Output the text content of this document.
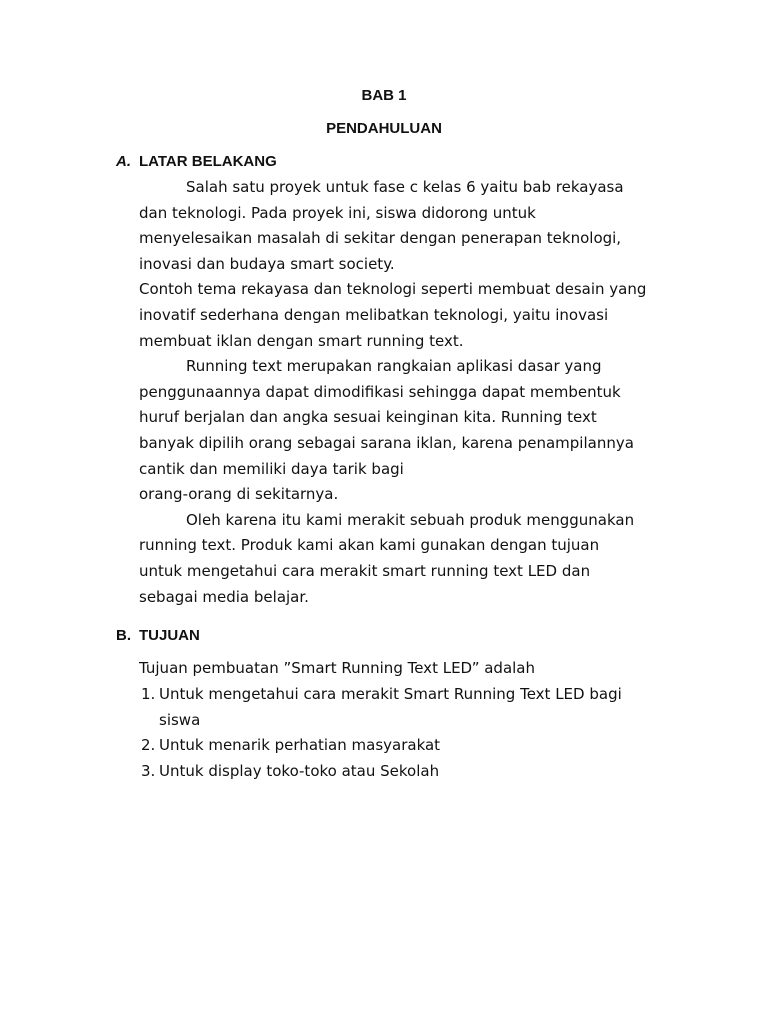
BAB 1
PENDAHULUAN
A. LATAR BELAKANG

Salah satu proyek untuk fase c kelas 6 yaitu bab rekayasa
dan teknologi. Pada proyek ini, siswa didorong untuk
menyelesaikan masalah di sekitar dengan penerapan teknologi,
inovasi dan budaya smart society.

Contoh tema rekayasa dan teknologi seperti membuat desain yang
inovatif sederhana dengan melibatkan teknologi, yaitu inovasi
membuat iklan dengan smart running text.

Running text merupakan rangkaian aplikasi dasar yang
penggunaannya dapat dimodifikasi sehingga dapat membentuk
huruf berjalan dan angka sesuai keinginan kita. Running text
banyak dipilih orang sebagai sarana iklan, karena penampilannya
cantik dan memiliki daya tarik bagi
orang-orang di sekitarnya.

Oleh karena itu kami merakit sebuah produk menggunakan
running text. Produk kami akan kami gunakan dengan tujuan
untuk mengetahui cara merakit smart running text LED dan
sebagai media belajar.

B. TUJUAN
Tujuan pembuatan ”Smart Running Text LED” adalah
1. Untuk mengetahui cara merakit Smart Running Text LED bagi
siswa
2. Untuk menarik perhatian masyarakat
3. Untuk display toko-toko atau Sekolah
